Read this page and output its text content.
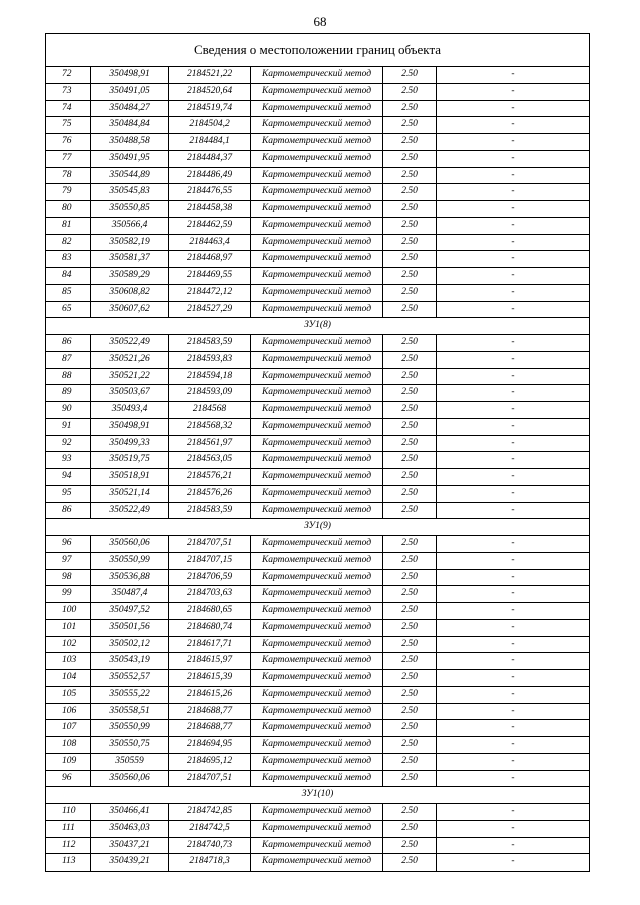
68
Сведения о местоположении границ объекта
72	350498,91	2184521,22	Картометрический метод	2.50	-
73	350491,05	2184520,64	Картометрический метод	2.50	-
74	350484,27	2184519,74	Картометрический метод	2.50	-
75	350484,84	2184504,2	Картометрический метод	2.50	-
76	350488,58	2184484,1	Картометрический метод	2.50	-
77	350491,95	2184484,37	Картометрический метод	2.50	-
78	350544,89	2184486,49	Картометрический метод	2.50	-
79	350545,83	2184476,55	Картометрический метод	2.50	-
80	350550,85	2184458,38	Картометрический метод	2.50	-
81	350566,4	2184462,59	Картометрический метод	2.50	-
82	350582,19	2184463,4	Картометрический метод	2.50	-
83	350581,37	2184468,97	Картометрический метод	2.50	-
84	350589,29	2184469,55	Картометрический метод	2.50	-
85	350608,82	2184472,12	Картометрический метод	2.50	-
65	350607,62	2184527,29	Картометрический метод	2.50	-
ЗУ1(8)
86	350522,49	2184583,59	Картометрический метод	2.50	-
87	350521,26	2184593,83	Картометрический метод	2.50	-
88	350521,22	2184594,18	Картометрический метод	2.50	-
89	350503,67	2184593,09	Картометрический метод	2.50	-
90	350493,4	2184568	Картометрический метод	2.50	-
91	350498,91	2184568,32	Картометрический метод	2.50	-
92	350499,33	2184561,97	Картометрический метод	2.50	-
93	350519,75	2184563,05	Картометрический метод	2.50	-
94	350518,91	2184576,21	Картометрический метод	2.50	-
95	350521,14	2184576,26	Картометрический метод	2.50	-
86	350522,49	2184583,59	Картометрический метод	2.50	-
ЗУ1(9)
96	350560,06	2184707,51	Картометрический метод	2.50	-
97	350550,99	2184707,15	Картометрический метод	2.50	-
98	350536,88	2184706,59	Картометрический метод	2.50	-
99	350487,4	2184703,63	Картометрический метод	2.50	-
100	350497,52	2184680,65	Картометрический метод	2.50	-
101	350501,56	2184680,74	Картометрический метод	2.50	-
102	350502,12	2184617,71	Картометрический метод	2.50	-
103	350543,19	2184615,97	Картометрический метод	2.50	-
104	350552,57	2184615,39	Картометрический метод	2.50	-
105	350555,22	2184615,26	Картометрический метод	2.50	-
106	350558,51	2184688,77	Картометрический метод	2.50	-
107	350550,99	2184688,77	Картометрический метод	2.50	-
108	350550,75	2184694,95	Картометрический метод	2.50	-
109	350559	2184695,12	Картометрический метод	2.50	-
96	350560,06	2184707,51	Картометрический метод	2.50	-
ЗУ1(10)
110	350466,41	2184742,85	Картометрический метод	2.50	-
111	350463,03	2184742,5	Картометрический метод	2.50	-
112	350437,21	2184740,73	Картометрический метод	2.50	-
113	350439,21	2184718,3	Картометрический метод	2.50	-
